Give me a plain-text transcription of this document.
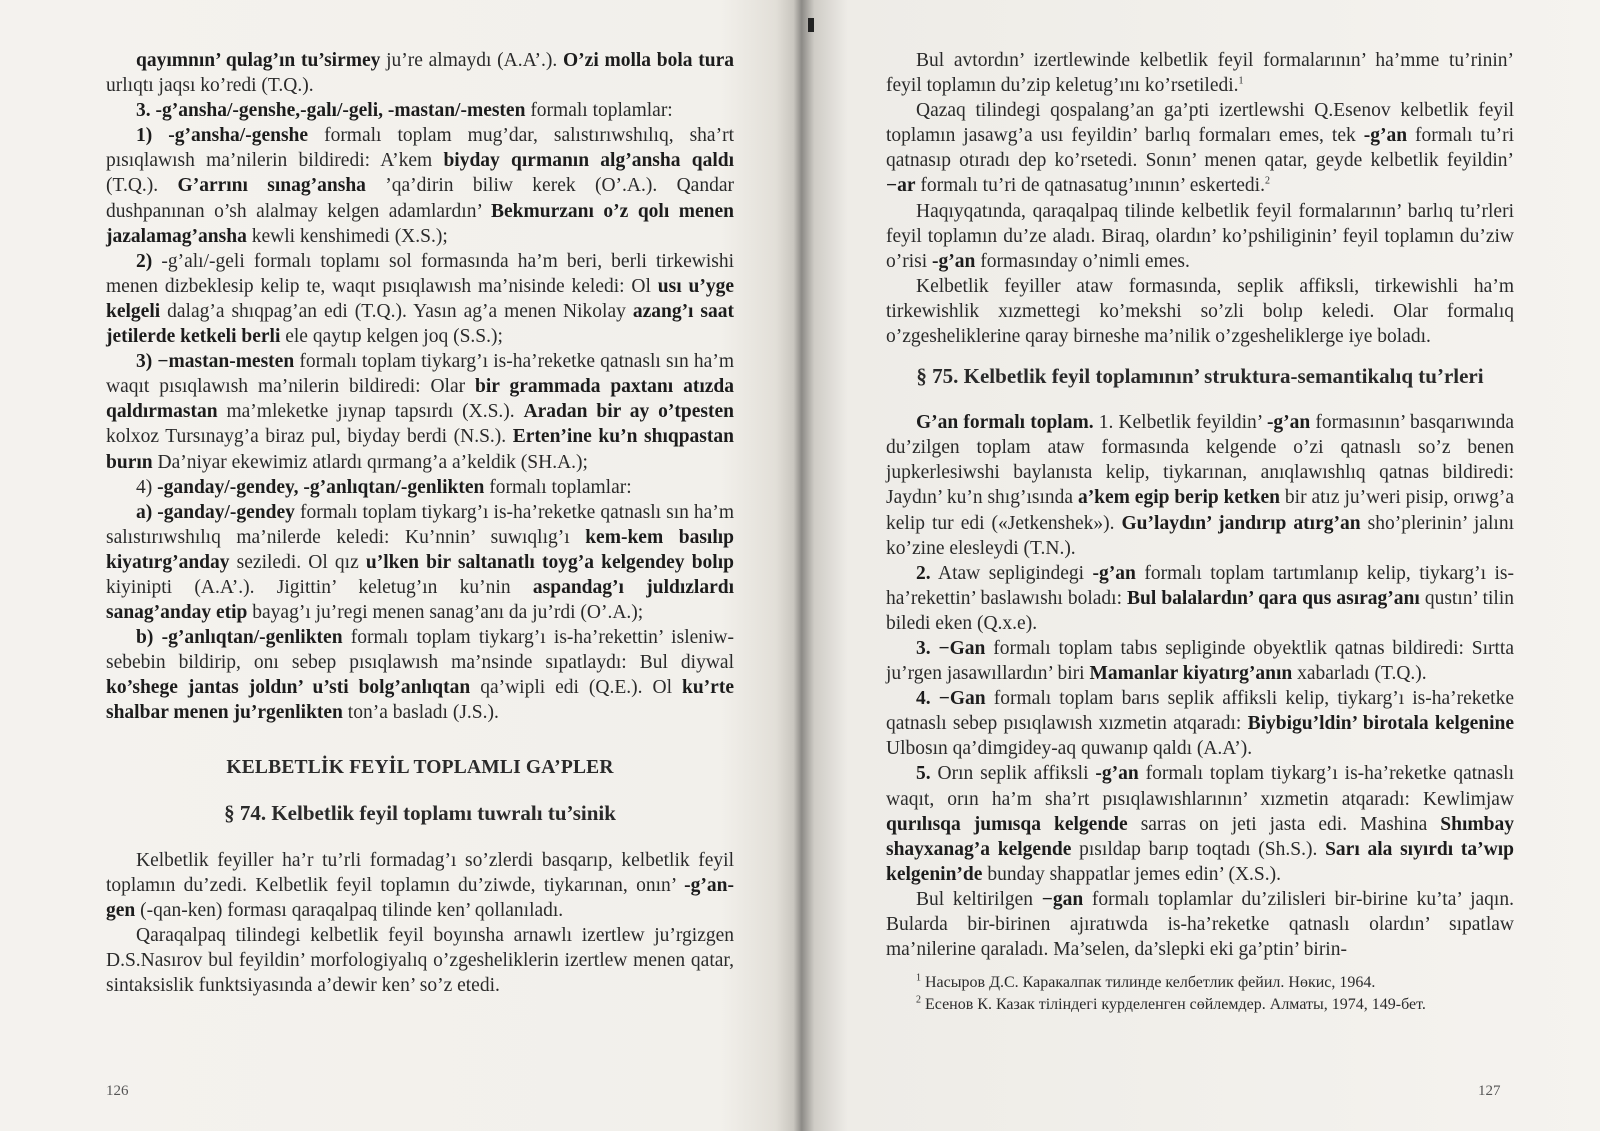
qayımnın’ qulag’ın tu’sirmey ju’re almaydı (A.A’.). O’zi molla bola tura urlıqtı jaqsı ko’redi (T.Q.).

3. -g’ansha/-genshe,-galı/-geli, -mastan/-mesten formalı toplamlar:

1) -g’ansha/-genshe formalı toplam mug’dar, salıstırıwshılıq, sha’rt pısıqlawısh ma’nilerin bildiredi: A’kem biyday qırmanın alg’ansha qaldı (T.Q.). G’arrını sınag’ansha ’qa’dirin biliw kerek (O’.A.). Qandar dushpanınan o’sh alalmay kelgen adamlardın’ Bekmurzanı o’z qolı menen jazalamag’ansha kewli kenshimedi (X.S.);

2) -g’alı/-geli formalı toplamı sol formasında ha’m beri, berli tirkewishi menen dizbeklesip kelip te, waqıt pısıqlawısh ma’nisinde keledi: Ol usı u’yge kelgeli dalag’a shıqpag’an edi (T.Q.). Yasın ag’a menen Nikolay azang’ı saat jetilerde ketkeli berli ele qaytıp kelgen joq (S.S.);

3) −mastan-mesten formalı toplam tiykarg’ı is-ha’reketke qatnaslı sın ha’m waqıt pısıqlawısh ma’nilerin bildiredi: Olar bir grammada paxtanı atızda qaldırmastan ma’mleketke jıynap tapsırdı (X.S.). Aradan bir ay o’tpesten kolxoz Tursınayg’a biraz pul, biyday berdi (N.S.). Erten’ine ku’n shıqpastan burın Da’niyar ekewimiz atlardı qırmang’a a’keldik (SH.A.);

4) -ganday/-gendey, -g’anlıqtan/-genlikten formalı toplamlar:

a) -ganday/-gendey formalı toplam tiykarg’ı is-ha’reketke qatnaslı sın ha’m salıstırıwshılıq ma’nilerde keledi: Ku’nnin’ suwıqlıg’ı kem-kem basılıp kiyatırg’anday seziledi. Ol qız u’lken bir saltanatlı toyg’a kelgendey bolıp kiyinipti (A.A’.). Jigittin’ keletug’ın ku’nin aspandag’ı juldızlardı sanag’anday etip bayag’ı ju’regi menen sanag’anı da ju’rdi (O’.A.);

b) -g’anlıqtan/-genlikten formalı toplam tiykarg’ı is-ha’rekettin’ isleniw-sebebin bildirip, onı sebep pısıqlawısh ma’nsinde sıpatlaydı: Bul diywal ko’shege jantas joldın’ u’sti bolg’anlıqtan qa’wipli edi (Q.E.). Ol ku’rte shalbar menen ju’rgenlikten ton’a basladı (J.S.).

KELBETLİK FEYİL TOPLAMLI GA’PLER
§ 74. Kelbetlik feyil toplamı tuwralı tu’sinik

Kelbetlik feyiller ha’r tu’rli formadag’ı so’zlerdi basqarıp, kelbetlik feyil toplamın du’zedi. Kelbetlik feyil toplamın du’ziwde, tiykarınan, onın’ -g’an-gen (-qan-ken) forması qaraqalpaq tilinde ken’ qollanıladı.

Qaraqalpaq tilindegi kelbetlik feyil boyınsha arnawlı izertlew ju’rgizgen D.S.Nasırov bul feyildin’ morfologiyalıq o’zgesheliklerin izertlew menen qatar, sintaksislik funktsiyasında a’dewir ken’ so’z etedi.

126

Bul avtordın’ izertlewinde kelbetlik feyil formalarının’ ha’mme tu’rinin’ feyil toplamın du’zip keletug’ını ko’rsetiledi.$^1$

Qazaq tilindegi qospalang’an ga’pti izertlewshi Q.Esenov kelbetlik feyil toplamın jasawg’a usı feyildin’ barlıq formaları emes, tek -g’an formalı tu’ri qatnasıp otıradı dep ko’rsetedi. Sonın’ menen qatar, geyde kelbetlik feyildin’ −ar formalı tu’ri de qatnasatug’ınının’ eskertedi.$^2$

Haqıyqatında, qaraqalpaq tilinde kelbetlik feyil formalarının’ barlıq tu’rleri feyil toplamın du’ze aladı. Biraq, olardın’ ko’pshiliginin’ feyil toplamın du’ziw o’risi -g’an formasınday o’nimli emes.

Kelbetlik feyiller ataw formasında, seplik affiksli, tirkewishli ha’m tirkewishlik xızmettegi ko’mekshi so’zli bolıp keledi. Olar formalıq o’zgesheliklerine qaray birneshe ma’nilik o’zgesheliklerge iye boladı.

§ 75. Kelbetlik feyil toplamının’ struktura-semantikalıq tu’rleri

G’an formalı toplam. 1. Kelbetlik feyildin’ -g’an formasının’ basqarıwında du’zilgen toplam ataw formasında kelgende o’zi qatnaslı so’z benen jupkerlesiwshi baylanısta kelip, tiykarınan, anıqlawıshlıq qatnas bildiredi: Jaydın’ ku’n shıg’ısında a’kem egip berip ketken bir atız ju’weri pisip, orıwg’a kelip tur edi («Jetkenshek»). Gu’laydın’ jandırıp atırg’an sho’plerinin’ jalını ko’zine elesleydi (T.N.).

2. Ataw sepligindegi -g’an formalı toplam tartımlanıp kelip, tiykarg’ı is-ha’rekettin’ baslawıshı boladı: Bul balalardın’ qara qus asırag’anı qustın’ tilin biledi eken (Q.x.e).

3. −Gan formalı toplam tabıs sepliginde obyektlik qatnas bildiredi: Sırtta ju’rgen jasawıllardın’ biri Mamanlar kiyatırg’anın xabarladı (T.Q.).

4. −Gan formalı toplam barıs seplik affiksli kelip, tiykarg’ı is-ha’reketke qatnaslı sebep pısıqlawısh xızmetin atqaradı: Biybigu’ldin’ birotala kelgenine Ulbosın qa’dimgidey-aq quwanıp qaldı (A.A’).

5. Orın seplik affiksli -g’an formalı toplam tiykarg’ı is-ha’reketke qatnaslı waqıt, orın ha’m sha’rt pısıqlawıshlarının’ xızmetin atqaradı: Kewlimjaw qurılısqa jumısqa kelgende sarras on jeti jasta edi. Mashina Shımbay shayxanag’a kelgende pısıldap barıp toqtadı (Sh.S.). Sarı ala sıyırdı ta’wıp kelgenin’de bunday shappatlar jemes edin’ (X.S.).

Bul keltirilgen −gan formalı toplamlar du’zilisleri bir-birine ku’ta’ jaqın. Bularda bir-birinen ajıratıwda is-ha’reketke qatnaslı olardın’ sıpatlaw ma’nilerine qaraladı. Ma’selen, da’slepki eki ga’ptin’ birin-

$^1$ Насыров Д.С. Каракалпак тилинде келбетлик фейил. Нөкис, 1964.

$^2$ Есенов К. Казак тiлiндегi курделенген сөйлемдер. Алматы, 1974, 149-бет.

127
